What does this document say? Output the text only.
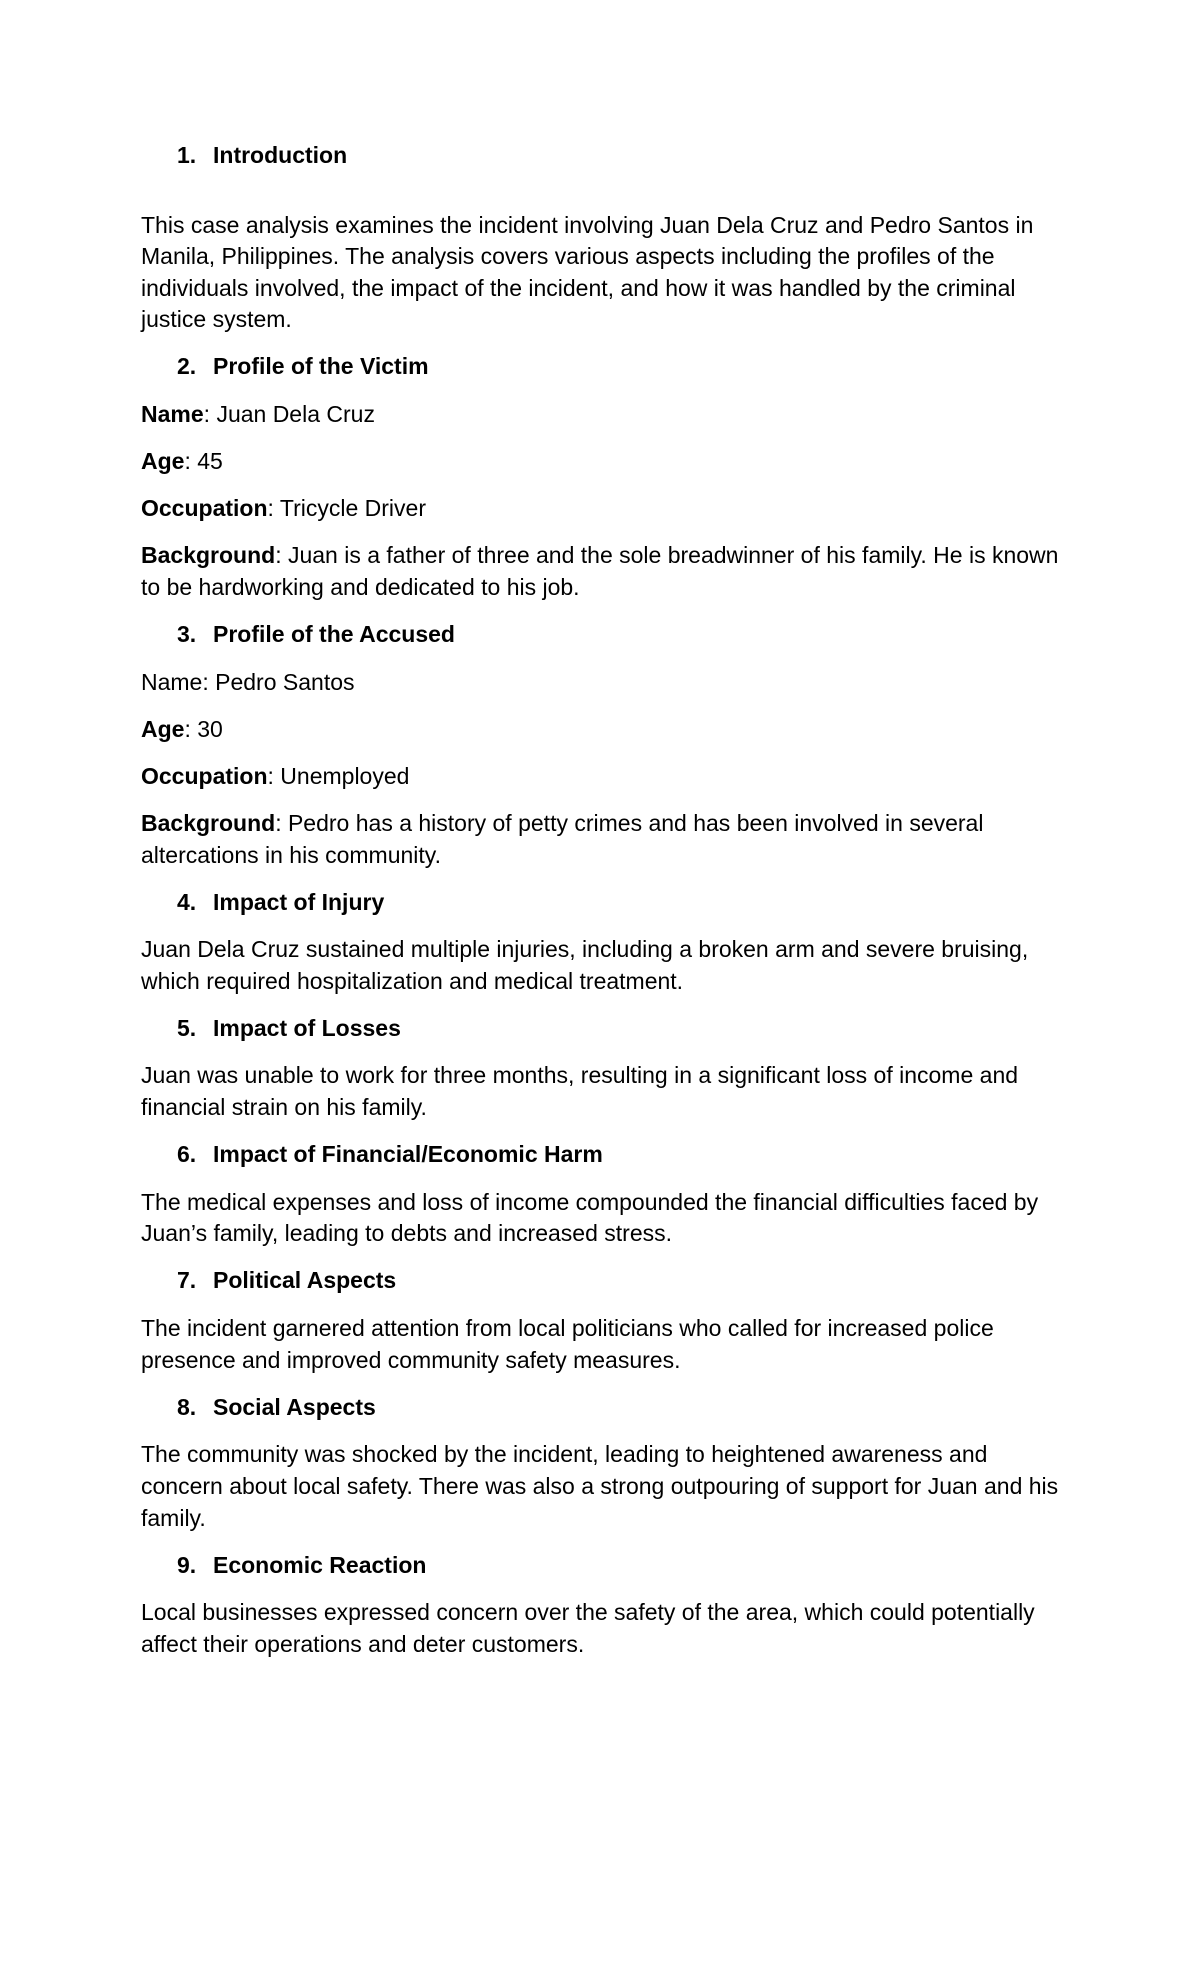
1. Introduction

This case analysis examines the incident involving Juan Dela Cruz and Pedro Santos in Manila, Philippines. The analysis covers various aspects including the profiles of the individuals involved, the impact of the incident, and how it was handled by the criminal justice system.

2. Profile of the Victim

Name: Juan Dela Cruz

Age: 45

Occupation: Tricycle Driver

Background: Juan is a father of three and the sole breadwinner of his family. He is known to be hardworking and dedicated to his job.

3. Profile of the Accused

Name: Pedro Santos

Age: 30

Occupation: Unemployed

Background: Pedro has a history of petty crimes and has been involved in several altercations in his community.

4. Impact of Injury

Juan Dela Cruz sustained multiple injuries, including a broken arm and severe bruising, which required hospitalization and medical treatment.

5. Impact of Losses

Juan was unable to work for three months, resulting in a significant loss of income and financial strain on his family.

6. Impact of Financial/Economic Harm

The medical expenses and loss of income compounded the financial difficulties faced by Juan’s family, leading to debts and increased stress.

7. Political Aspects

The incident garnered attention from local politicians who called for increased police presence and improved community safety measures.

8. Social Aspects

The community was shocked by the incident, leading to heightened awareness and concern about local safety. There was also a strong outpouring of support for Juan and his family.

9. Economic Reaction

Local businesses expressed concern over the safety of the area, which could potentially affect their operations and deter customers.
